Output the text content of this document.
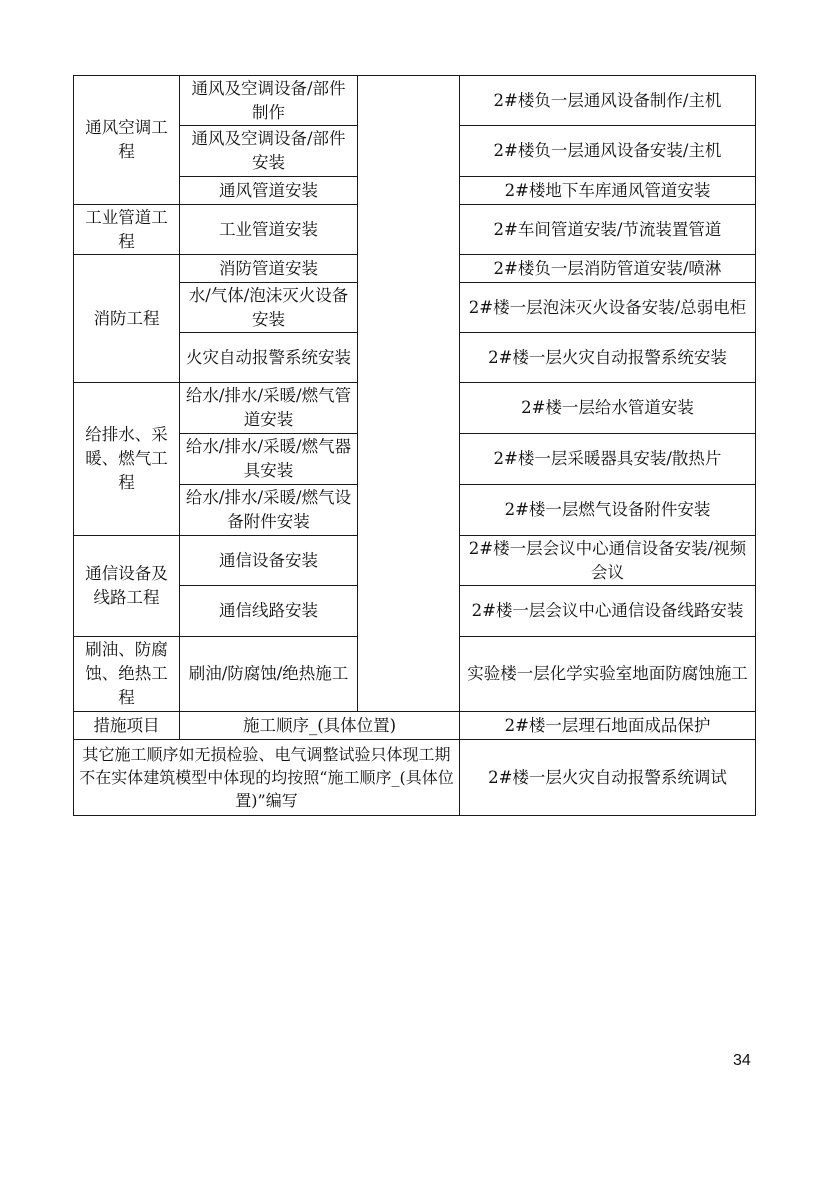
通风空调工程	通风及空调设备/部件制作		2#楼负一层通风设备制作/主机
	通风及空调设备/部件安装		2#楼负一层通风设备安装/主机
	通风管道安装		2#楼地下车库通风管道安装
工业管道工程	工业管道安装		2#车间管道安装/节流装置管道
消防工程	消防管道安装		2#楼负一层消防管道安装/喷淋
	水/气体/泡沫灭火设备安装		2#楼一层泡沫灭火设备安装/总弱电柜
	火灾自动报警系统安装		2#楼一层火灾自动报警系统安装
给排水、采暖、燃气工程	给水/排水/采暖/燃气管道安装		2#楼一层给水管道安装
	给水/排水/采暖/燃气器具安装		2#楼一层采暖器具安装/散热片
	给水/排水/采暖/燃气设备附件安装		2#楼一层燃气设备附件安装
通信设备及线路工程	通信设备安装		2#楼一层会议中心通信设备安装/视频会议
	通信线路安装		2#楼一层会议中心通信设备线路安装
刷油、防腐蚀、绝热工程	刷油/防腐蚀/绝热施工		实验楼一层化学实验室地面防腐蚀施工
措施项目	施工顺序_(具体位置)		2#楼一层理石地面成品保护
其它施工顺序如无损检验、电气调整试验只体现工期不在实体建筑模型中体现的均按照“施工顺序_(具体位置)”编写			2#楼一层火灾自动报警系统调试
34
